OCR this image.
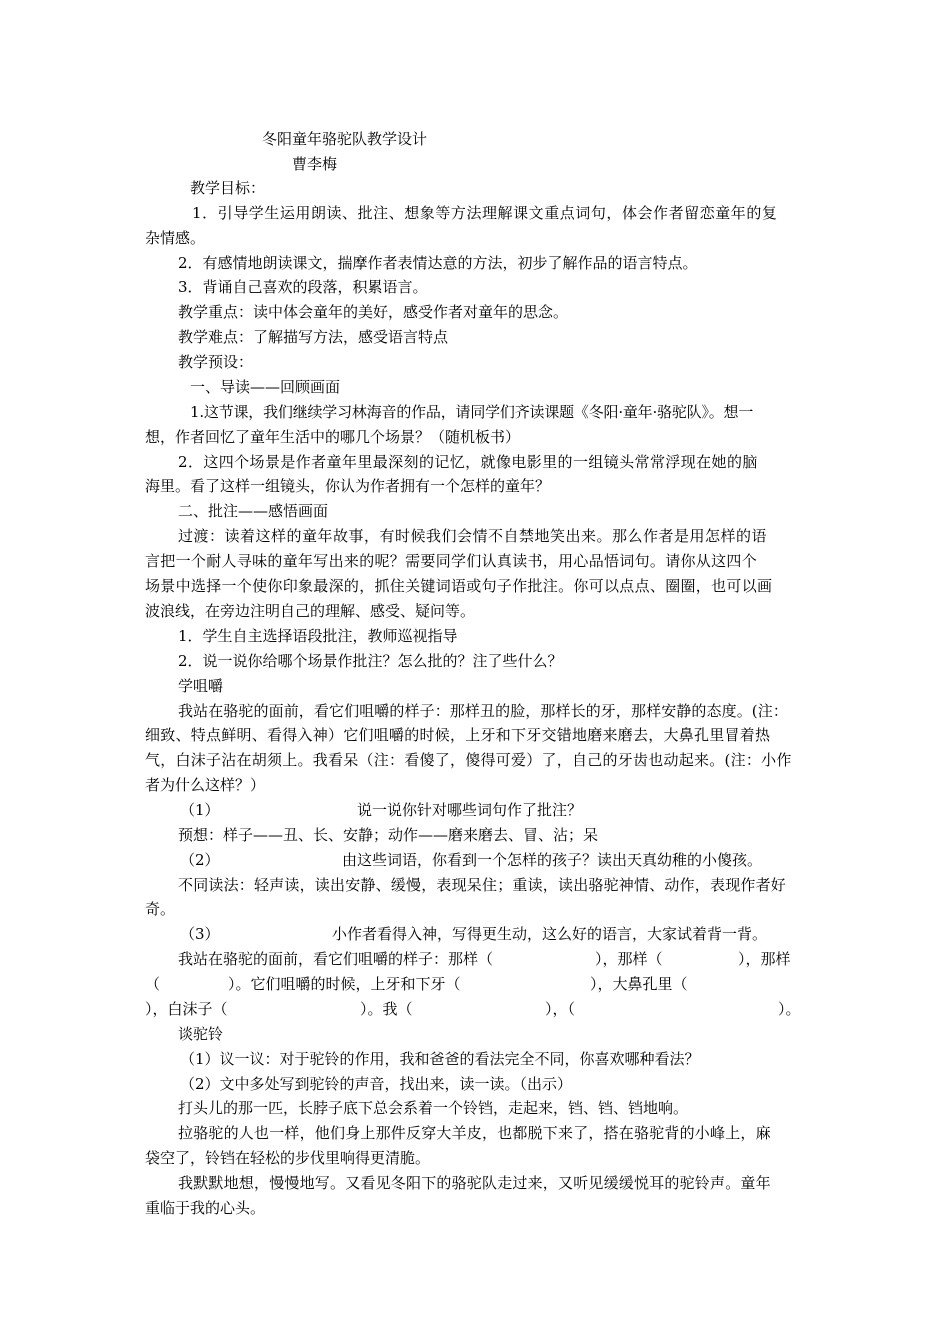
冬阳童年骆驼队教学设计
曹李梅
教学目标：
1．引导学生运用朗读、批注、想象等方法理解课文重点词句，体会作者留恋童年的复
杂情感。
2．有感情地朗读课文，揣摩作者表情达意的方法，初步了解作品的语言特点。
3．背诵自己喜欢的段落，积累语言。
教学重点：读中体会童年的美好，感受作者对童年的思念。
教学难点：了解描写方法，感受语言特点
教学预设：
一、导读——回顾画面
1.这节课，我们继续学习林海音的作品，请同学们齐读课题《冬阳·童年·骆驼队》。想一
想，作者回忆了童年生活中的哪几个场景？（随机板书）
2．这四个场景是作者童年里最深刻的记忆，就像电影里的一组镜头常常浮现在她的脑
海里。看了这样一组镜头，你认为作者拥有一个怎样的童年？
二、批注——感悟画面
过渡：读着这样的童年故事，有时候我们会情不自禁地笑出来。那么作者是用怎样的语
言把一个耐人寻味的童年写出来的呢？需要同学们认真读书，用心品悟词句。请你从这四个
场景中选择一个使你印象最深的，抓住关键词语或句子作批注。你可以点点、圈圈，也可以画
波浪线，在旁边注明自己的理解、感受、疑问等。
1．学生自主选择语段批注，教师巡视指导
2．说一说你给哪个场景作批注？怎么批的？注了些什么？
学咀嚼
我站在骆驼的面前，看它们咀嚼的样子：那样丑的脸，那样长的牙，那样安静的态度。(注：
细致、特点鲜明、看得入神）它们咀嚼的时候，上牙和下牙交错地磨来磨去，大鼻孔里冒着热
气，白沫子沾在胡须上。我看呆（注：看傻了，傻得可爱）了，自己的牙齿也动起来。(注：小作
者为什么这样？）
（1）	说一说你针对哪些词句作了批注？
预想：样子——丑、长、安静；动作——磨来磨去、冒、沾；呆
（2）	由这些词语，你看到一个怎样的孩子？读出天真幼稚的小傻孩。
不同读法：轻声读，读出安静、缓慢，表现呆住；重读，读出骆驼神情、动作，表现作者好
奇。
（3）	小作者看得入神，写得更生动，这么好的语言，大家试着背一背。
我站在骆驼的面前，看它们咀嚼的样子：那样（	），那样（	），那样
（	）。它们咀嚼的时候，上牙和下牙（	），大鼻孔里（
），白沫子（	）。我（	），（	）。
谈驼铃
（1）议一议：对于驼铃的作用，我和爸爸的看法完全不同，你喜欢哪种看法？
（2）文中多处写到驼铃的声音，找出来，读一读。（出示）
打头儿的那一匹，长脖子底下总会系着一个铃铛，走起来，铛、铛、铛地响。
拉骆驼的人也一样，他们身上那件反穿大羊皮，也都脱下来了，搭在骆驼背的小峰上，麻
袋空了，铃铛在轻松的步伐里响得更清脆。
我默默地想，慢慢地写。又看见冬阳下的骆驼队走过来，又听见缓缓悦耳的驼铃声。童年
重临于我的心头。
